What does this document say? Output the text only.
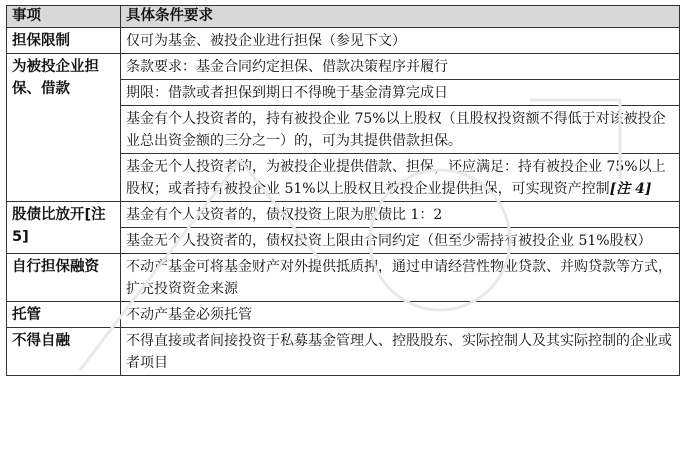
事项	具体条件要求
担保限制	仅可为基金、被投企业进行担保（参见下文）
为被投企业担保、借款	条款要求：基金合同约定担保、借款决策程序并履行
	期限：借款或者担保到期日不得晚于基金清算完成日
	基金有个人投资者的，持有被投企业 75%以上股权（且股权投资额不得低于对该被投企业总出资金额的三分之一）的，可为其提供借款担保。
	基金无个人投资者的，为被投企业提供借款、担保，还应满足：持有被投企业 75%以上股权；或者持有被投企业 51%以上股权且被投企业提供担保，可实现资产控制[注 4]
股债比放开[注 5]	基金有个人投资者的，债权投资上限为股债比 1：2
	基金无个人投资者的，债权投资上限由合同约定（但至少需持有被投企业 51%股权）
自行担保融资	不动产基金可将基金财产对外提供抵质押，通过申请经营性物业贷款、并购贷款等方式，扩充投资资金来源
托管	不动产基金必须托管
不得自融	不得直接或者间接投资于私募基金管理人、控股股东、实际控制人及其实际控制的企业或者项目
